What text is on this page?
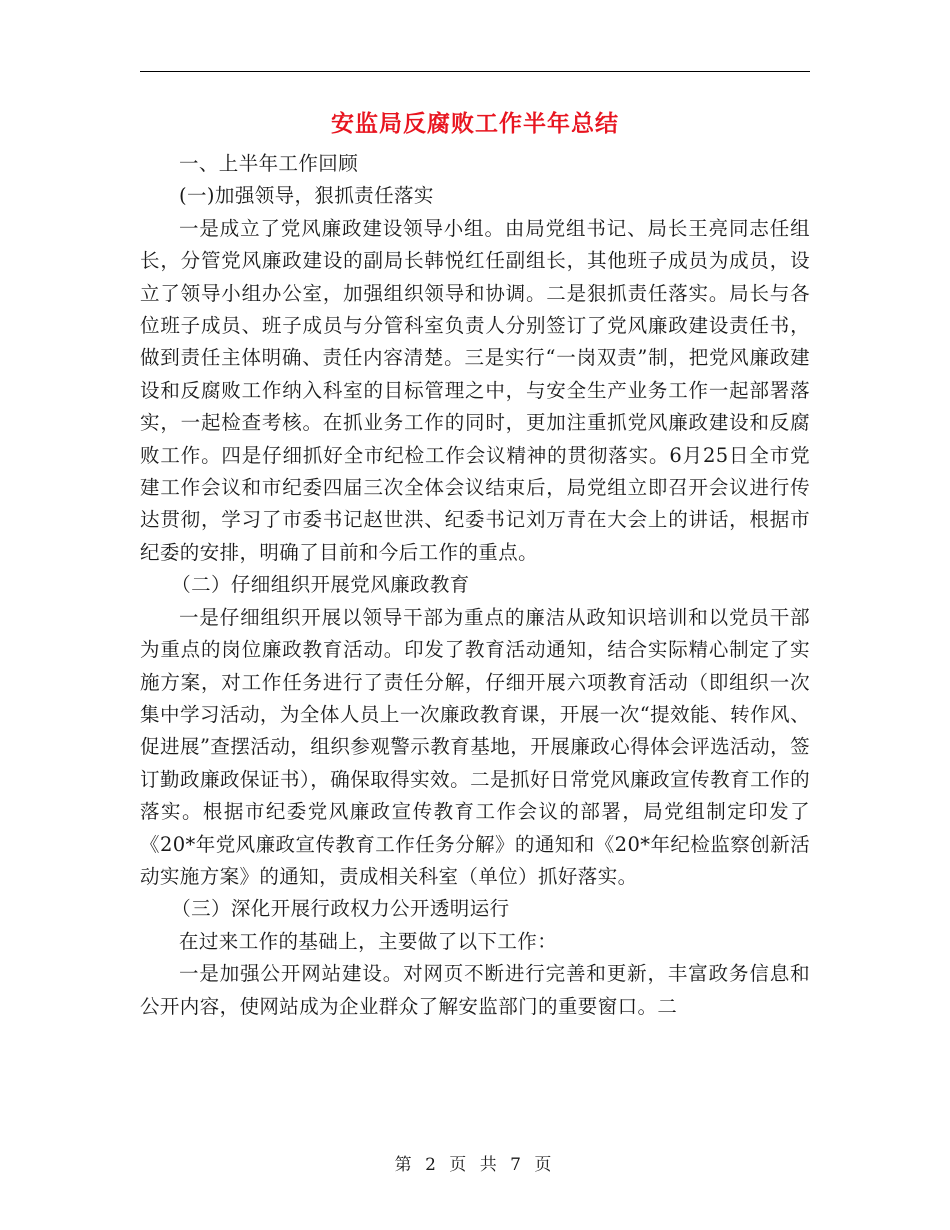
安监局反腐败工作半年总结

一、上半年工作回顾

(一)加强领导，狠抓责任落实

一是成立了党风廉政建设领导小组。由局党组书记、局长王亮同志任组长，分管党风廉政建设的副局长韩悦红任副组长，其他班子成员为成员，设立了领导小组办公室，加强组织领导和协调。二是狠抓责任落实。局长与各位班子成员、班子成员与分管科室负责人分别签订了党风廉政建设责任书，做到责任主体明确、责任内容清楚。三是实行“一岗双责”制，把党风廉政建设和反腐败工作纳入科室的目标管理之中，与安全生产业务工作一起部署落实，一起检查考核。在抓业务工作的同时，更加注重抓党风廉政建设和反腐败工作。四是仔细抓好全市纪检工作会议精神的贯彻落实。6月25日全市党建工作会议和市纪委四届三次全体会议结束后，局党组立即召开会议进行传达贯彻，学习了市委书记赵世洪、纪委书记刘万青在大会上的讲话，根据市纪委的安排，明确了目前和今后工作的重点。

（二）仔细组织开展党风廉政教育

一是仔细组织开展以领导干部为重点的廉洁从政知识培训和以党员干部为重点的岗位廉政教育活动。印发了教育活动通知，结合实际精心制定了实施方案，对工作任务进行了责任分解，仔细开展六项教育活动（即组织一次集中学习活动，为全体人员上一次廉政教育课，开展一次“提效能、转作风、促进展”查摆活动，组织参观警示教育基地，开展廉政心得体会评选活动，签订勤政廉政保证书），确保取得实效。二是抓好日常党风廉政宣传教育工作的落实。根据市纪委党风廉政宣传教育工作会议的部署，局党组制定印发了《20*年党风廉政宣传教育工作任务分解》的通知和《20*年纪检监察创新活动实施方案》的通知，责成相关科室（单位）抓好落实。

（三）深化开展行政权力公开透明运行

在过来工作的基础上，主要做了以下工作：

一是加强公开网站建设。对网页不断进行完善和更新，丰富政务信息和公开内容，使网站成为企业群众了解安监部门的重要窗口。二

第 2 页 共 7 页
